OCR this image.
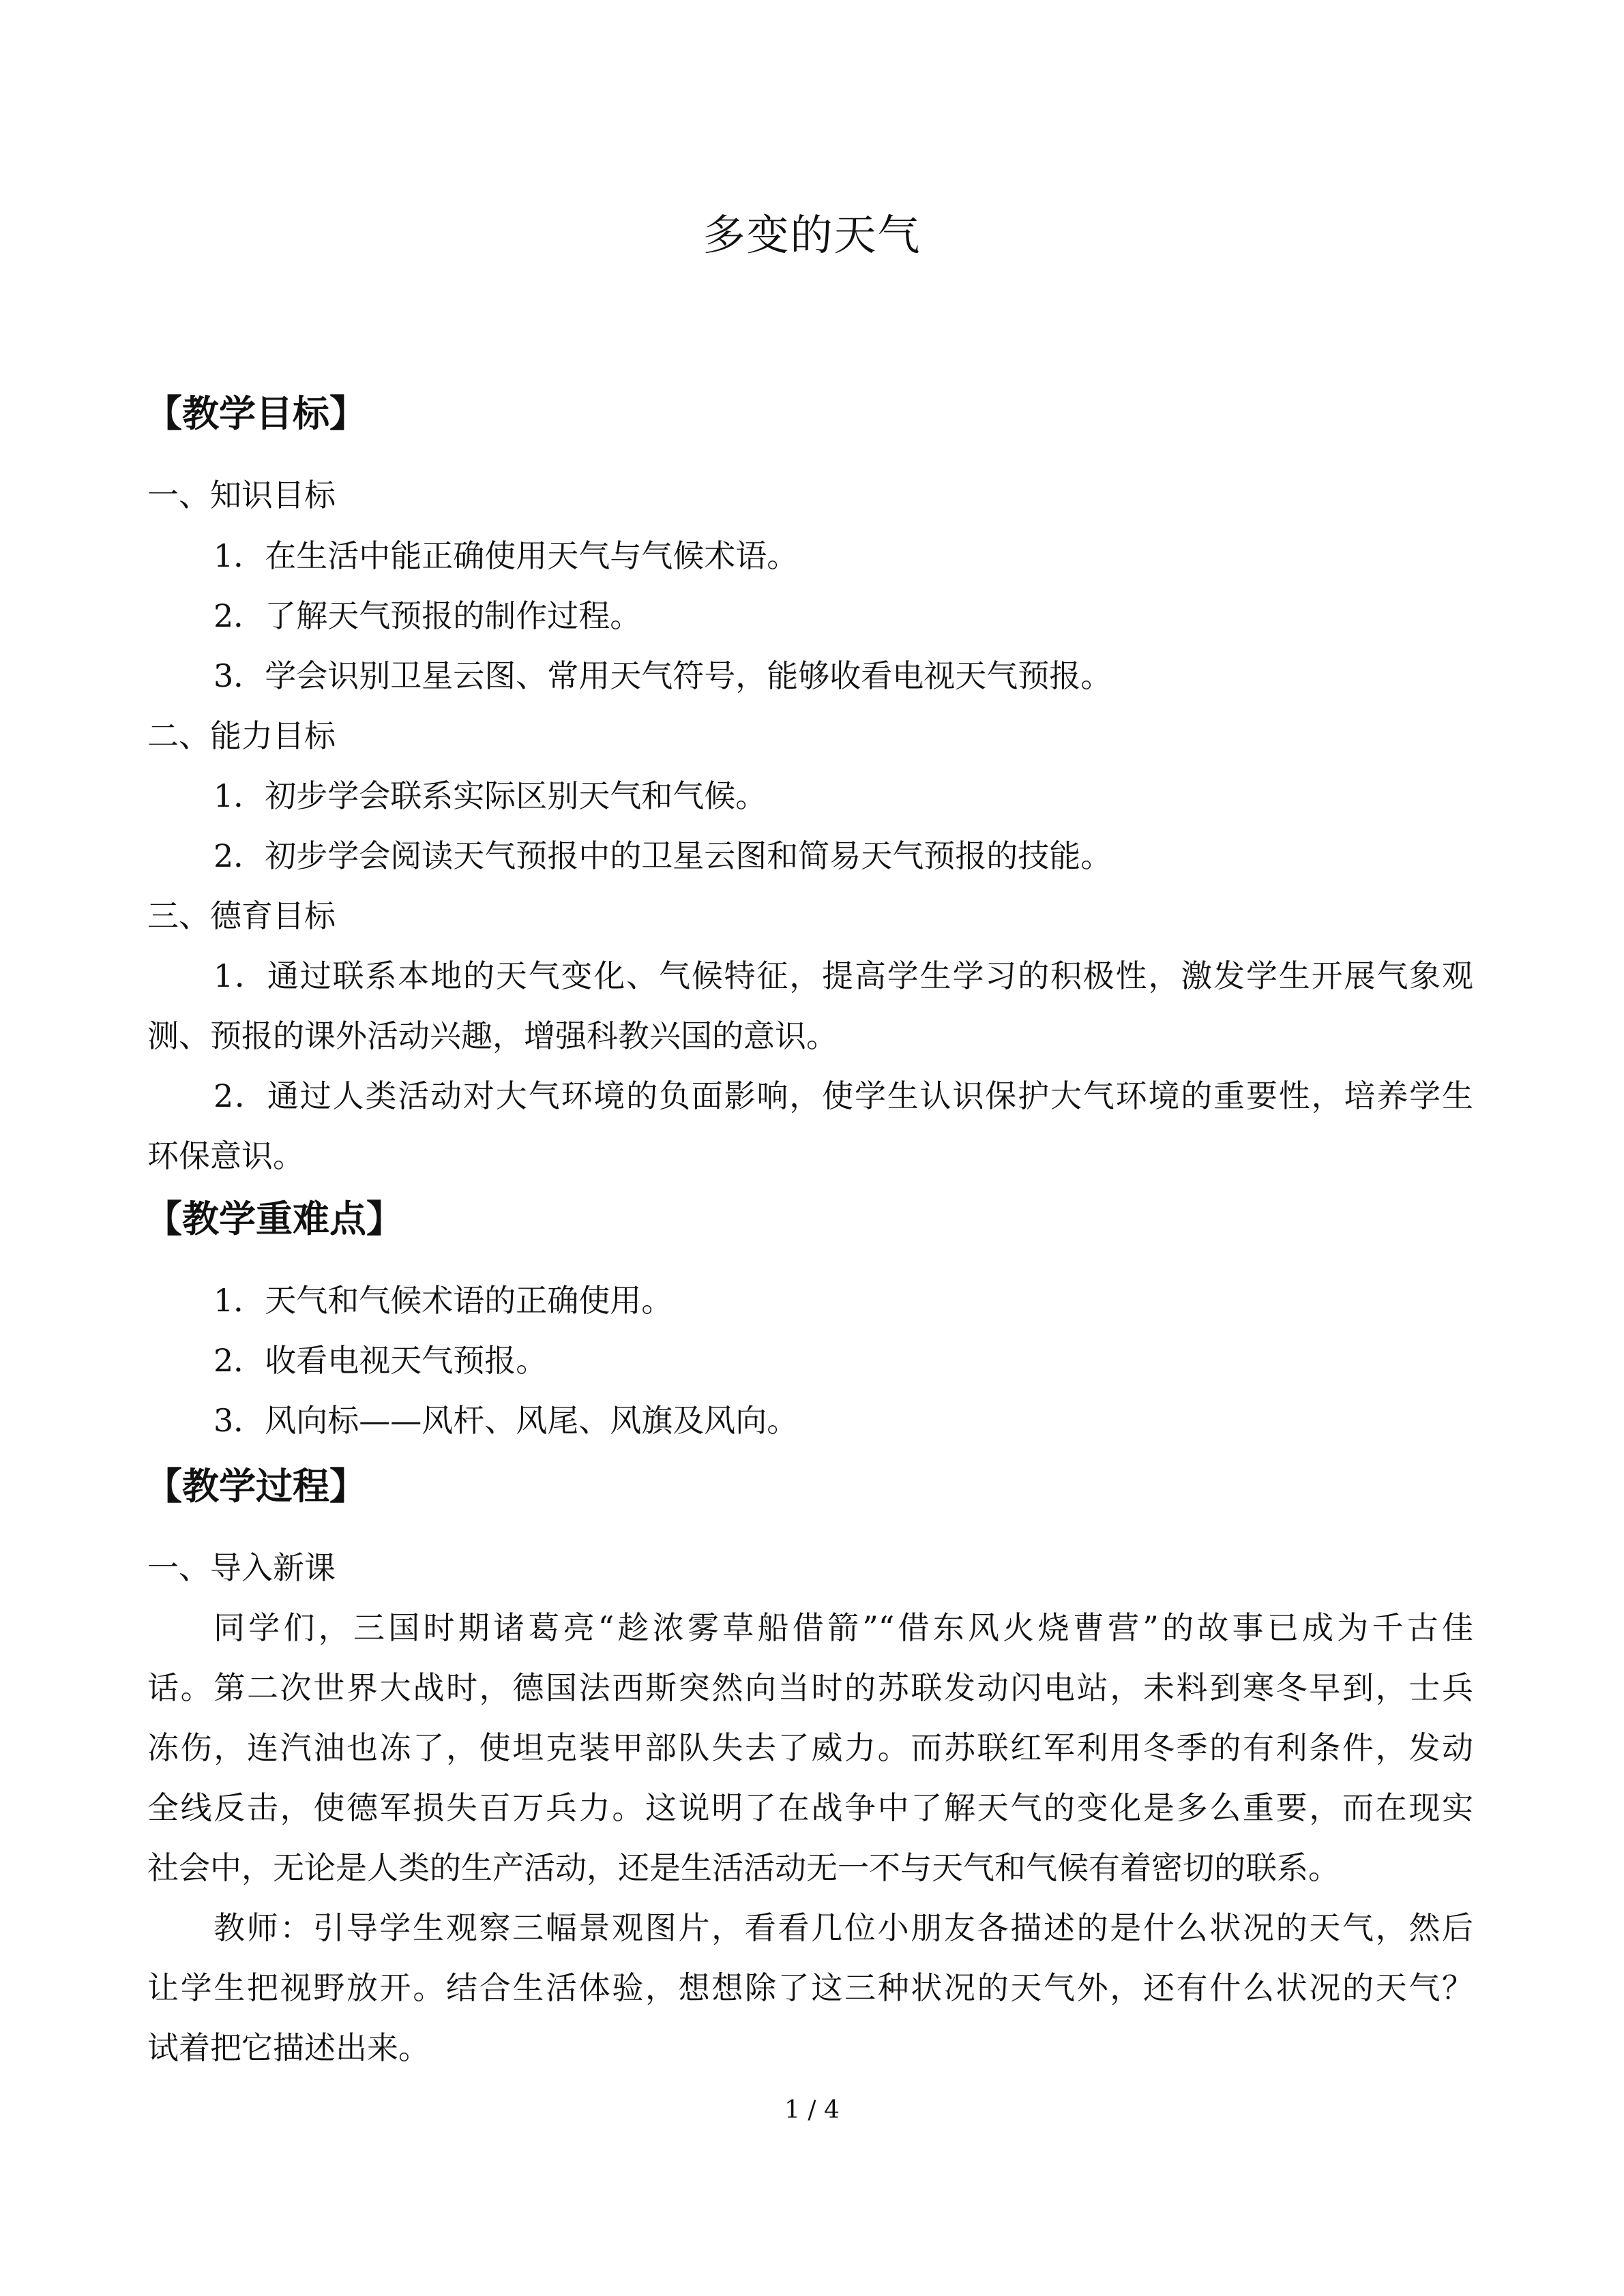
多变的天气
【教学目标】
一、知识目标
1．在生活中能正确使用天气与气候术语。
2．了解天气预报的制作过程。
3．学会识别卫星云图、常用天气符号，能够收看电视天气预报。
二、能力目标
1．初步学会联系实际区别天气和气候。
2．初步学会阅读天气预报中的卫星云图和简易天气预报的技能。
三、德育目标
1．通过联系本地的天气变化、气候特征，提高学生学习的积极性，激发学生开展气象观
测、预报的课外活动兴趣，增强科教兴国的意识。
2．通过人类活动对大气环境的负面影响，使学生认识保护大气环境的重要性，培养学生
环保意识。
【教学重难点】
1．天气和气候术语的正确使用。
2．收看电视天气预报。
3．风向标——风杆、风尾、风旗及风向。
【教学过程】
一、导入新课
同学们，三国时期诸葛亮“趁浓雾草船借箭”“借东风火烧曹营”的故事已成为千古佳
话。第二次世界大战时，德国法西斯突然向当时的苏联发动闪电站，未料到寒冬早到，士兵
冻伤，连汽油也冻了，使坦克装甲部队失去了威力。而苏联红军利用冬季的有利条件，发动
全线反击，使德军损失百万兵力。这说明了在战争中了解天气的变化是多么重要，而在现实
社会中，无论是人类的生产活动，还是生活活动无一不与天气和气候有着密切的联系。
教师：引导学生观察三幅景观图片，看看几位小朋友各描述的是什么状况的天气，然后
让学生把视野放开。结合生活体验，想想除了这三种状况的天气外，还有什么状况的天气？
试着把它描述出来。
1 / 4
